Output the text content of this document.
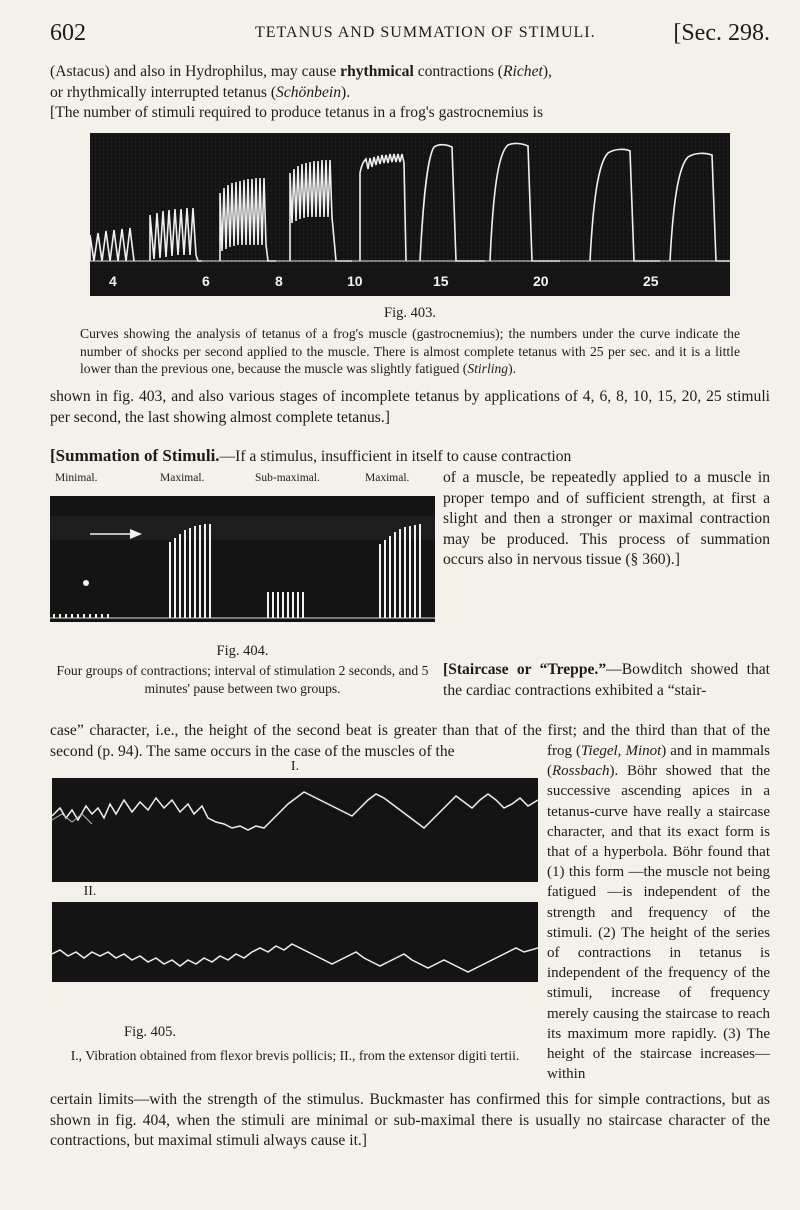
602	TETANUS AND SUMMATION OF STIMULI.	[Sec. 298.

(Astacus) and also in Hydrophilus, may cause rhythmical contractions (Richet),

or rhythmically interrupted tetanus (Schönbein).

[The number of stimuli required to produce tetanus in a frog's gastrocnemius is

4	6	8	10	15	20	25
Fig. 403.
Curves showing the analysis of tetanus of a frog's muscle (gastrocnemius); the numbers under the curve indicate the number of shocks per second applied to the muscle. There is almost complete tetanus with 25 per sec. and it is a little lower than the previous one, because the muscle was slightly fatigued (Stirling).
shown in fig. 403, and also various stages of incomplete tetanus by applications of 4, 6, 8, 10, 15, 20, 25 stimuli per second, the last showing almost complete tetanus.]
[Summation of Stimuli.—If a stimulus, insufficient in itself to cause contraction
Minimal.	Maximal.	Sub-maximal.	Maximal. of a muscle, be repeatedly applied to a muscle in proper tempo and of sufficient strength, at first a slight and then a stronger or maximal contraction may be produced. This process of summation occurs also in nervous tissue (§ 360).]
Fig. 404.
Four groups of contractions; interval of stimulation 2 seconds, and 5 minutes' pause between two groups.
[Staircase or “Treppe.”—Bowditch showed that the cardiac contractions exhibited a “stair-
case” character, i.e., the height of the second beat is greater than that of the first; and the third than that of the second (p. 94). The same occurs in the case of the muscles of the
I.
II.
frog (Tiegel, Minot) and in mammals (Rossbach). Böhr showed that the successive ascending apices in a tetanus-curve have really a staircase character, and that its exact form is that of a hyperbola. Böhr found that (1) this form —the muscle not being fatigued —is independent of the strength and frequency of the stimuli. (2) The height of the series of contractions in tetanus is independent of the frequency of the stimuli, increase of frequency merely causing the staircase to reach its maximum more rapidly. (3) The height of the staircase increases—within
Fig. 405.
I., Vibration obtained from flexor brevis pollicis; II., from the extensor digiti tertii.
certain limits—with the strength of the stimulus. Buckmaster has confirmed this for simple contractions, but as shown in fig. 404, when the stimuli are minimal or sub-maximal there is usually no staircase character of the contractions, but maximal stimuli always cause it.]
